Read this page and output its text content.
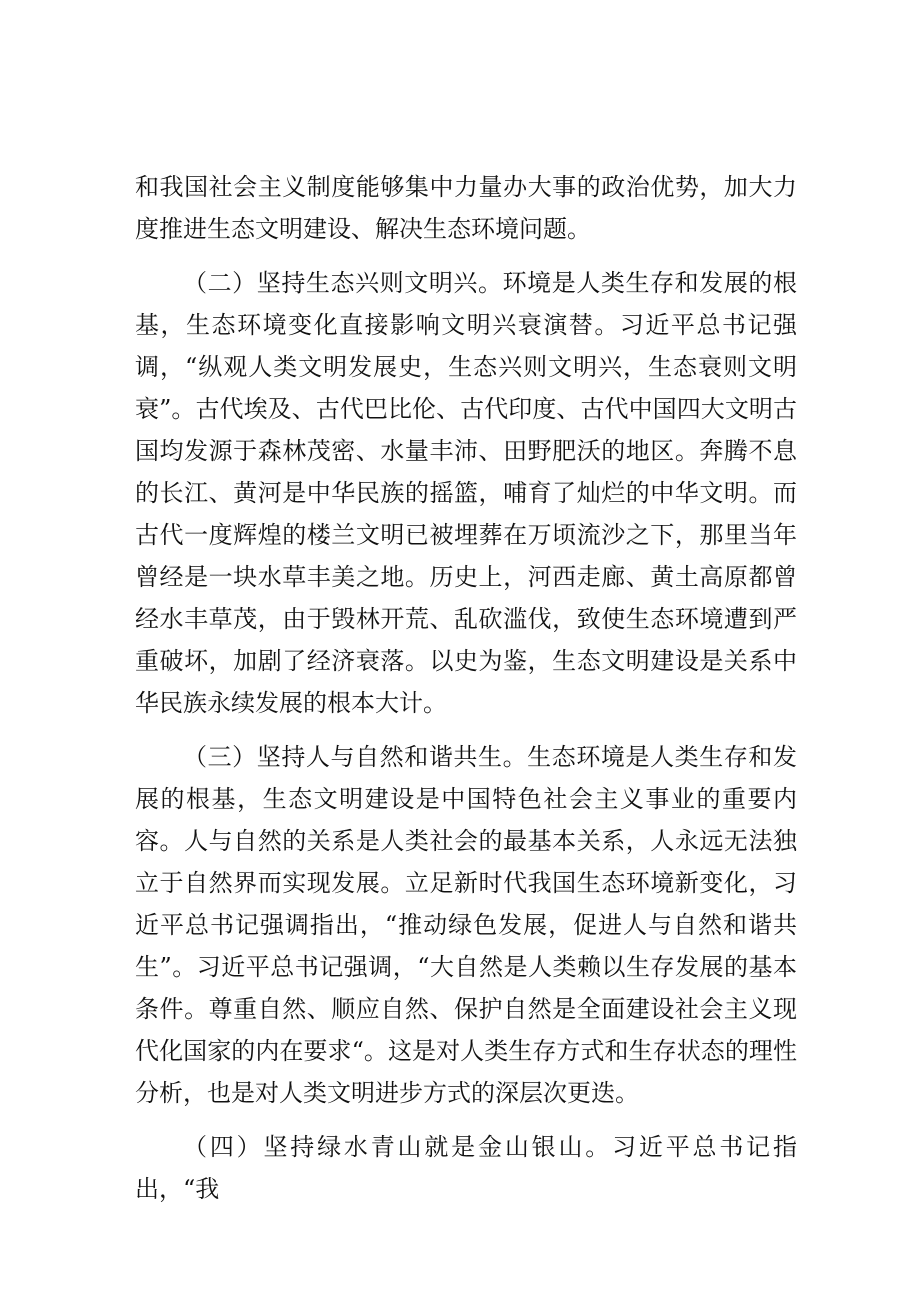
和我国社会主义制度能够集中力量办大事的政治优势，加大力度推进生态文明建设、解决生态环境问题。

（二）坚持生态兴则文明兴。环境是人类生存和发展的根基，生态环境变化直接影响文明兴衰演替。习近平总书记强调，“纵观人类文明发展史，生态兴则文明兴，生态衰则文明衰”。古代埃及、古代巴比伦、古代印度、古代中国四大文明古国均发源于森林茂密、水量丰沛、田野肥沃的地区。奔腾不息的长江、黄河是中华民族的摇篮，哺育了灿烂的中华文明。而古代一度辉煌的楼兰文明已被埋葬在万顷流沙之下，那里当年曾经是一块水草丰美之地。历史上，河西走廊、黄土高原都曾经水丰草茂，由于毁林开荒、乱砍滥伐，致使生态环境遭到严重破坏，加剧了经济衰落。以史为鉴，生态文明建设是关系中华民族永续发展的根本大计。

（三）坚持人与自然和谐共生。生态环境是人类生存和发展的根基，生态文明建设是中国特色社会主义事业的重要内容。人与自然的关系是人类社会的最基本关系，人永远无法独立于自然界而实现发展。立足新时代我国生态环境新变化，习近平总书记强调指出，“推动绿色发展，促进人与自然和谐共生”。习近平总书记强调，“大自然是人类赖以生存发展的基本条件。尊重自然、顺应自然、保护自然是全面建设社会主义现代化国家的内在要求“。这是对人类生存方式和生存状态的理性分析，也是对人类文明进步方式的深层次更迭。

（四）坚持绿水青山就是金山银山。习近平总书记指出，“我
